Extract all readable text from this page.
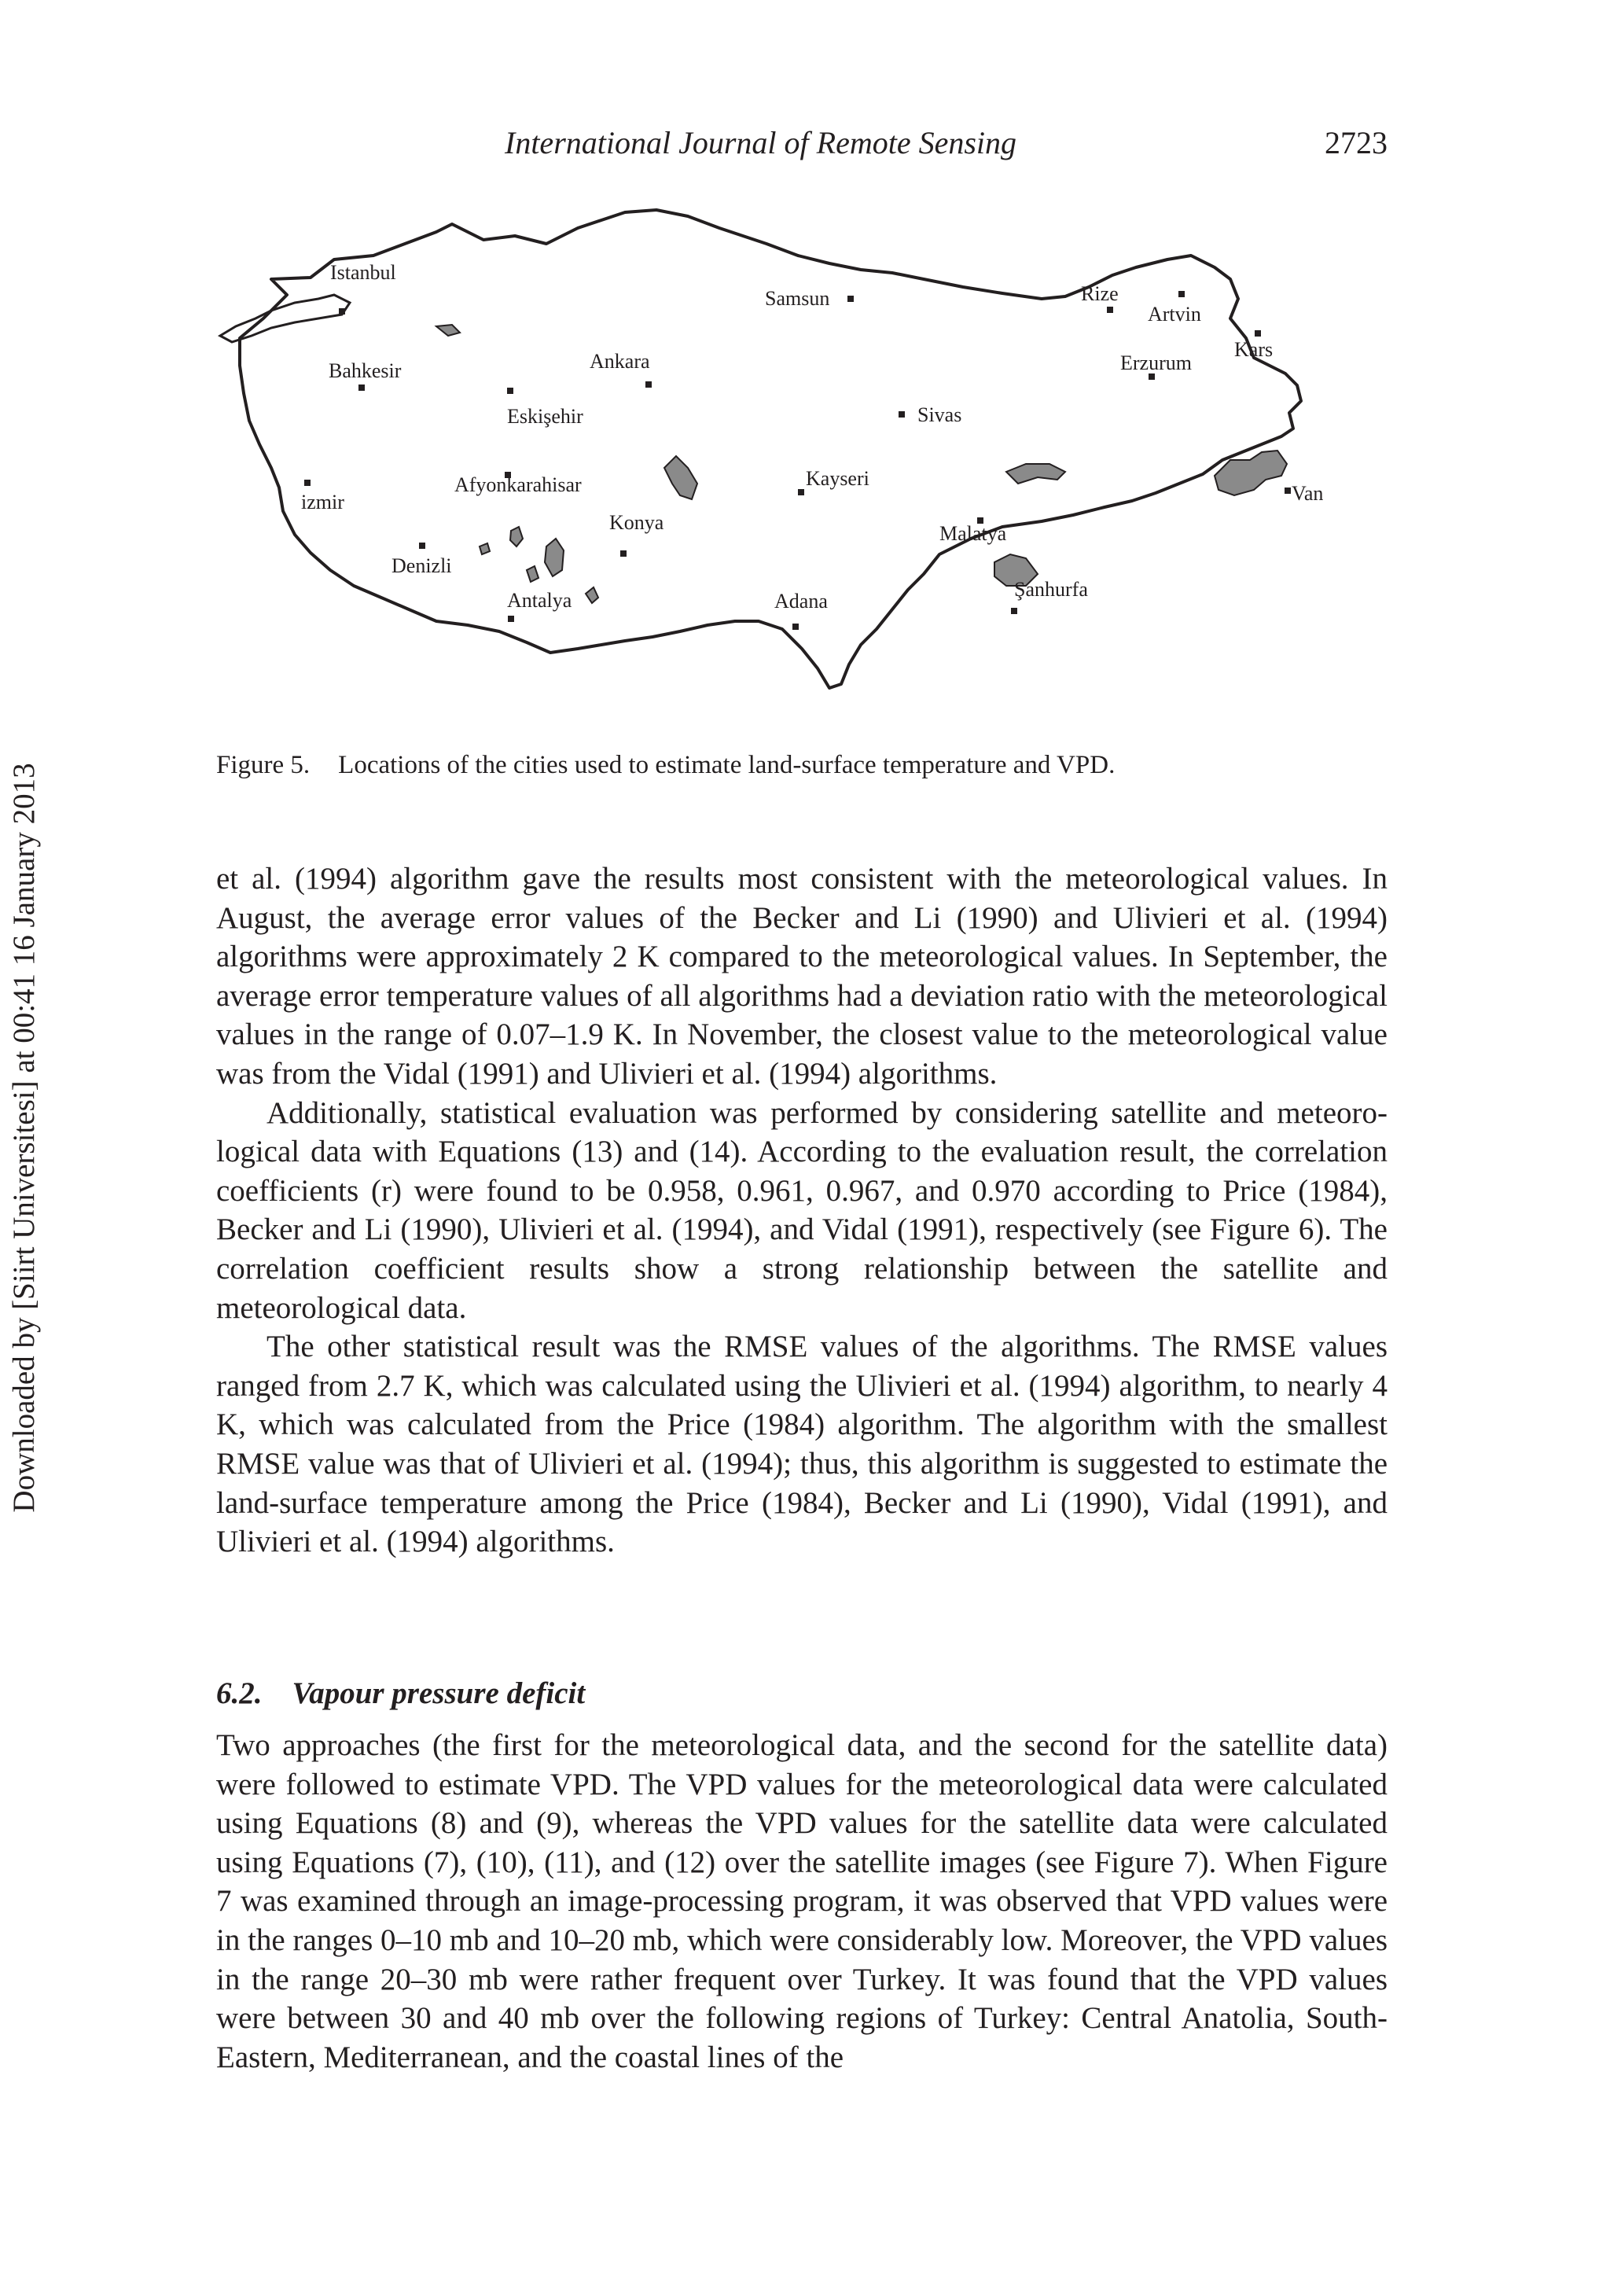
International Journal of Remote Sensing	2723
Downloaded by [Siirt Universitesi] at 00:41 16 January 2013
Istanbul
Samsun	Rize
Artvin
Kars
Erzurum
Bahkesir	Ankara
Eskişehir	Sivas
izmir
Afyonkarahisar	Kayseri
Van
Konya	Malatya
Denizli
Antalya	Adana
Şanhurfa
Figure 5. Locations of the cities used to estimate land-surface temperature and VPD.

et al. (1994) algorithm gave the results most consistent with the meteorological values. In August, the average error values of the Becker and Li (1990) and Ulivieri et al. (1994) algorithms were approximately 2 K compared to the meteorological values. In September, the average error temperature values of all algorithms had a deviation ratio with the meteorological values in the range of 0.07–1.9 K. In November, the closest value to the meteorological value was from the Vidal (1991) and Ulivieri et al. (1994) algorithms.

Additionally, statistical evaluation was performed by considering satellite and meteorological data with Equations (13) and (14). According to the evaluation result, the correlation coefficients (r) were found to be 0.958, 0.961, 0.967, and 0.970 according to Price (1984), Becker and Li (1990), Ulivieri et al. (1994), and Vidal (1991), respectively (see Figure 6). The correlation coefficient results show a strong relationship between the satellite and meteorological data.

The other statistical result was the RMSE values of the algorithms. The RMSE values ranged from 2.7 K, which was calculated using the Ulivieri et al. (1994) algorithm, to nearly 4 K, which was calculated from the Price (1984) algorithm. The algorithm with the smallest RMSE value was that of Ulivieri et al. (1994); thus, this algorithm is suggested to estimate the land-surface temperature among the Price (1984), Becker and Li (1990), Vidal (1991), and Ulivieri et al. (1994) algorithms.

6.2. Vapour pressure deficit

Two approaches (the first for the meteorological data, and the second for the satellite data) were followed to estimate VPD. The VPD values for the meteorological data were calculated using Equations (8) and (9), whereas the VPD values for the satellite data were calculated using Equations (7), (10), (11), and (12) over the satellite images (see Figure 7). When Figure 7 was examined through an image-processing program, it was observed that VPD values were in the ranges 0–10 mb and 10–20 mb, which were considerably low. Moreover, the VPD values in the range 20–30 mb were rather frequent over Turkey. It was found that the VPD values were between 30 and 40 mb over the following regions of Turkey: Central Anatolia, South-Eastern, Mediterranean, and the coastal lines of the
